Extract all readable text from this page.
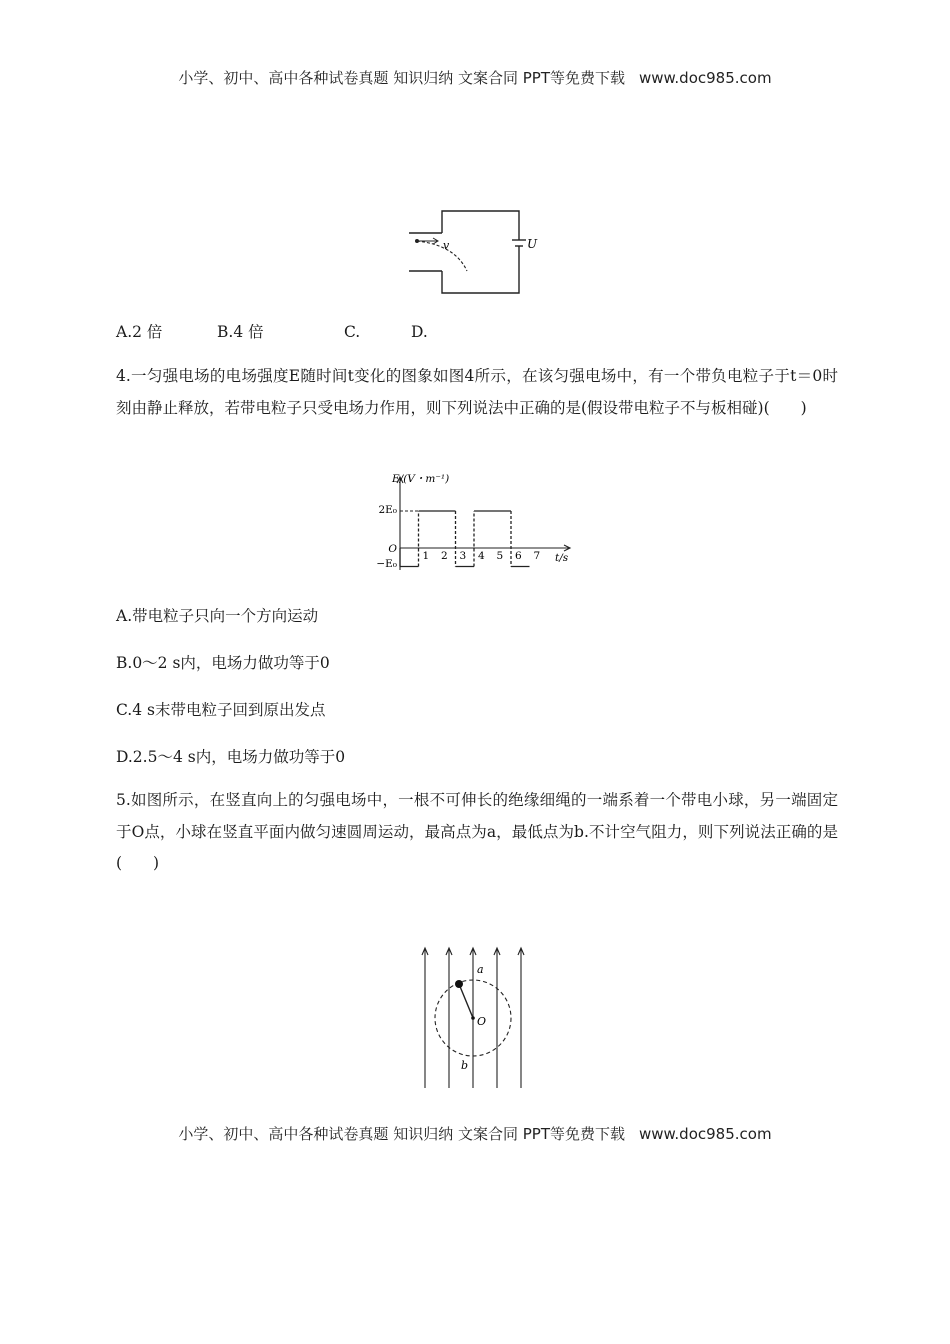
小学、初中、高中各种试卷真题 知识归纳 文案合同 PPT等免费下载 www.doc985.com
v	U
A.2 倍	B.4 倍	C.	D.
4.一匀强电场的电场强度E随时间t变化的图象如图4所示，在该匀强电场中，有一个带负电粒子于t＝0时刻由静止释放，若带电粒子只受电场力作用，则下列说法中正确的是(假设带电粒子不与板相碰)(　　)
1 2 3 4 5 6 7
E/(V・m⁻¹)
t/s
2E₀
O
−E₀
A.带电粒子只向一个方向运动
B.0～2 s内，电场力做功等于0
C.4 s末带电粒子回到原出发点
D.2.5～4 s内，电场力做功等于0
5.如图所示，在竖直向上的匀强电场中，一根不可伸长的绝缘细绳的一端系着一个带电小球，另一端固定于O点，小球在竖直平面内做匀速圆周运动，最高点为a，最低点为b.不计空气阻力，则下列说法正确的是(　　)
a
O
b
小学、初中、高中各种试卷真题 知识归纳 文案合同 PPT等免费下载 www.doc985.com
